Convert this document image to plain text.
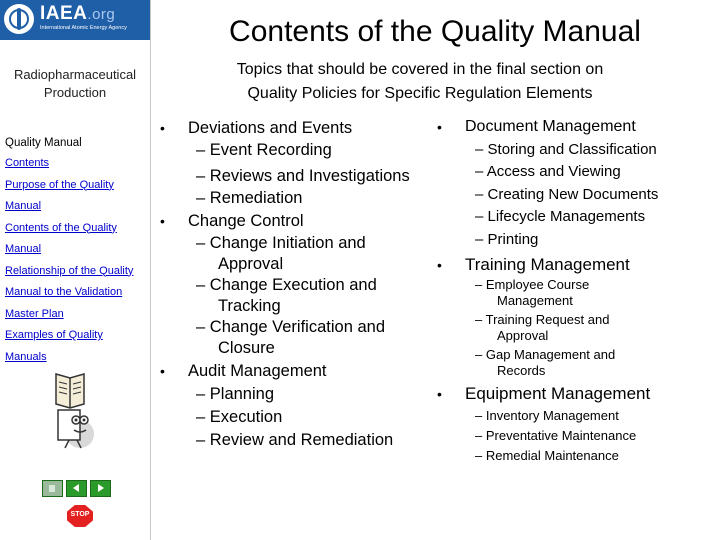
IAEA.org
International Atomic Energy Agency
Radiopharmaceutical
Production
Quality Manual
Contents
Purpose of the Quality
Manual
Contents of the Quality
Manual
Relationship of the Quality
Manual to the Validation
Master Plan
Examples of Quality
Manuals
STOP
Contents of the Quality Manual
Topics that should be covered in the final section on
Quality Policies for Specific Regulation Elements
• Deviations and Events
– Event Recording
– Reviews and Investigations
– Remediation
• Change Control
– Change Initiation and
Approval
– Change Execution and
Tracking
– Change Verification and
Closure
• Audit Management
– Planning
– Execution
– Review and Remediation
• Document Management
– Storing and Classification
– Access and Viewing
– Creating New Documents
– Lifecycle Managements
– Printing
• Training Management
– Employee Course
Management
– Training Request and
Approval
– Gap Management and
Records
• Equipment Management
– Inventory Management
– Preventative Maintenance
– Remedial Maintenance
